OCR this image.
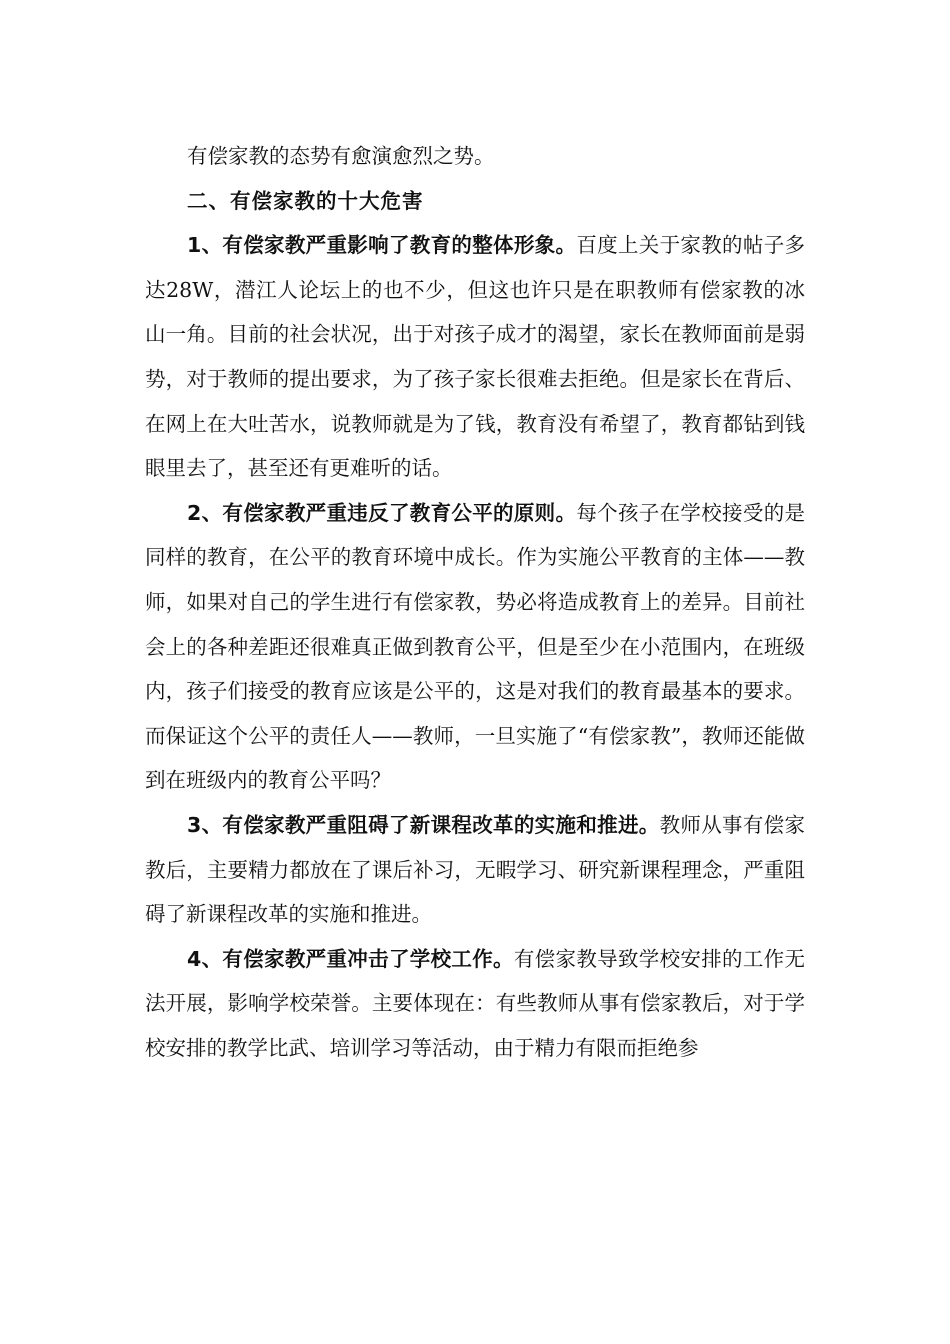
有偿家教的态势有愈演愈烈之势。

二、有偿家教的十大危害

1、有偿家教严重影响了教育的整体形象。百度上关于家教的帖子多达28W，潜江人论坛上的也不少，但这也许只是在职教师有偿家教的冰山一角。目前的社会状况，出于对孩子成才的渴望，家长在教师面前是弱势，对于教师的提出要求，为了孩子家长很难去拒绝。但是家长在背后、在网上在大吐苦水，说教师就是为了钱，教育没有希望了，教育都钻到钱眼里去了，甚至还有更难听的话。

2、有偿家教严重违反了教育公平的原则。每个孩子在学校接受的是同样的教育，在公平的教育环境中成长。作为实施公平教育的主体——教师，如果对自己的学生进行有偿家教，势必将造成教育上的差异。目前社会上的各种差距还很难真正做到教育公平，但是至少在小范围内，在班级内，孩子们接受的教育应该是公平的，这是对我们的教育最基本的要求。而保证这个公平的责任人——教师，一旦实施了“有偿家教”，教师还能做到在班级内的教育公平吗？

3、有偿家教严重阻碍了新课程改革的实施和推进。教师从事有偿家教后，主要精力都放在了课后补习，无暇学习、研究新课程理念，严重阻碍了新课程改革的实施和推进。

4、有偿家教严重冲击了学校工作。有偿家教导致学校安排的工作无法开展，影响学校荣誉。主要体现在：有些教师从事有偿家教后，对于学校安排的教学比武、培训学习等活动，由于精力有限而拒绝参
